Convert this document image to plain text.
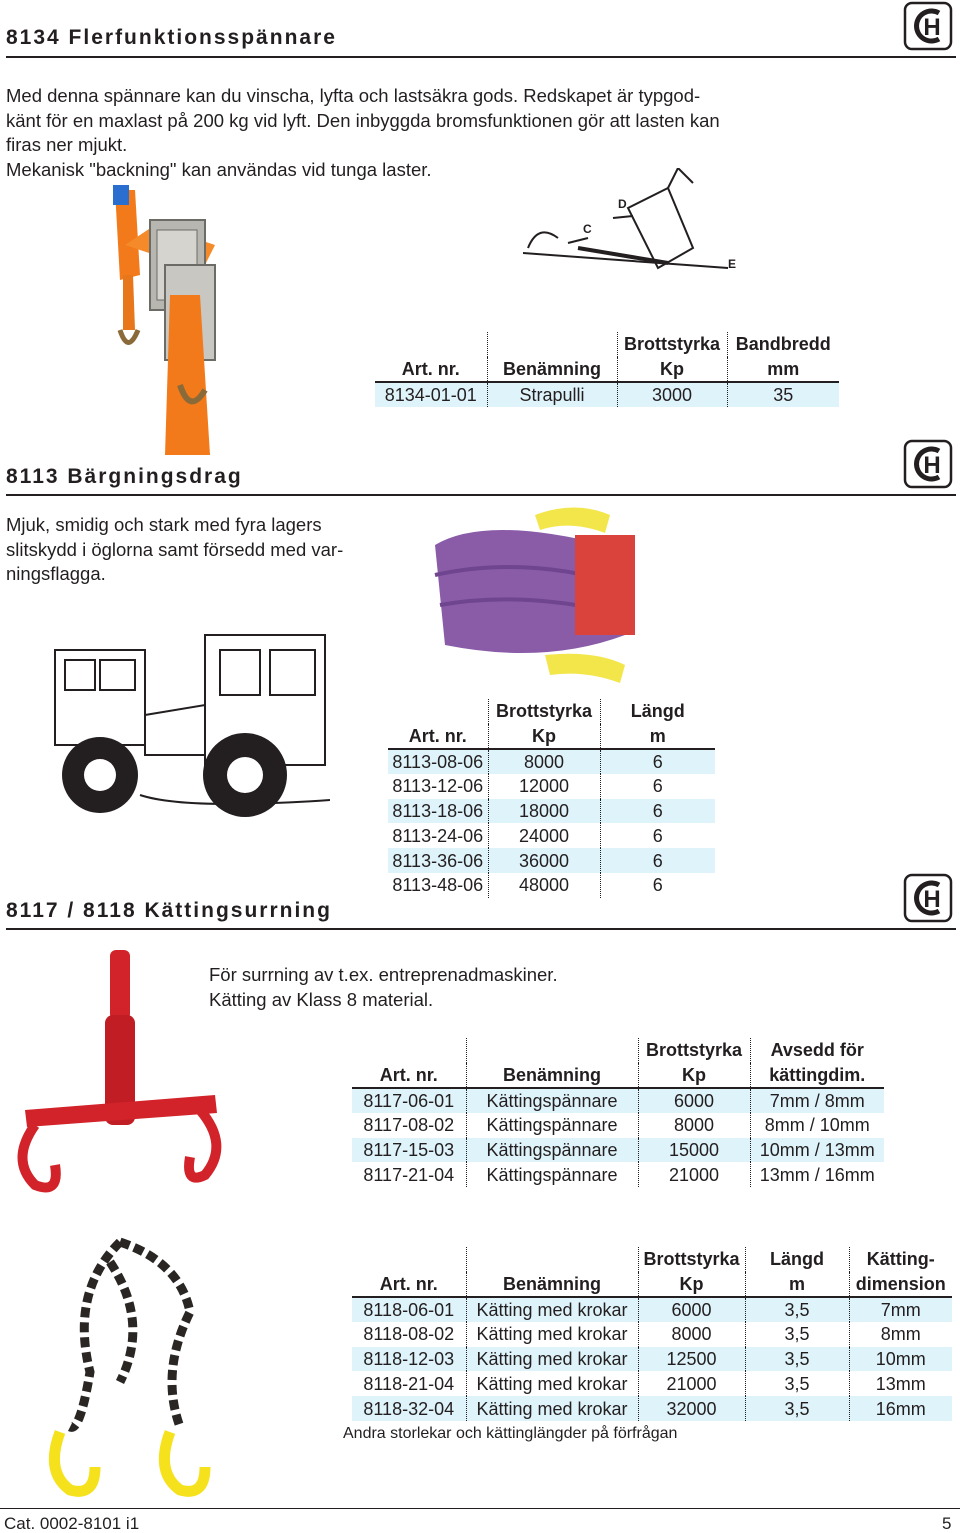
8134 Flerfunktionsspännare	H
Med denna spännare kan du vinscha, lyfta och lastsäkra gods. Redskapet är typgod-
känt för en maxlast på 200 kg vid lyft. Den inbyggda bromsfunktionen gör att lasten kan
firas ner mjukt.
Mekanisk "backning" kan användas vid tunga laster.
D
C
E
		Brottstyrka	Bandbredd
Art. nr.	Benämning	Kp	mm
8134-01-01	Strapulli	3000	35
8113 Bärgningsdrag	H
Mjuk, smidig och stark med fyra lagers
slitskydd i öglorna samt försedd med var-
ningsflagga.
	Brottstyrka	Längd
Art. nr.	Kp	m
8113-08-06	8000	6
8113-12-06	12000	6
8113-18-06	18000	6
8113-24-06	24000	6
8113-36-06	36000	6
8113-48-06	48000	6
8117 / 8118 Kättingsurrning	H
För surrning av t.ex. entreprenadmaskiner.
Kätting av Klass 8 material.
		Brottstyrka	Avsedd för
Art. nr.	Benämning	Kp	kättingdim.
8117-06-01	Kättingspännare	6000	7mm / 8mm
8117-08-02	Kättingspännare	8000	8mm / 10mm
8117-15-03	Kättingspännare	15000	10mm / 13mm
8117-21-04	Kättingspännare	21000	13mm / 16mm
		Brottstyrka	Längd	Kätting-
Art. nr.	Benämning	Kp	m	dimension
8118-06-01	Kätting med krokar	6000	3,5	7mm
8118-08-02	Kätting med krokar	8000	3,5	8mm
8118-12-03	Kätting med krokar	12500	3,5	10mm
8118-21-04	Kätting med krokar	21000	3,5	13mm
8118-32-04	Kätting med krokar	32000	3,5	16mm
Andra storlekar och kättinglängder på förfrågan
Cat. 0002-8101 i1	5
